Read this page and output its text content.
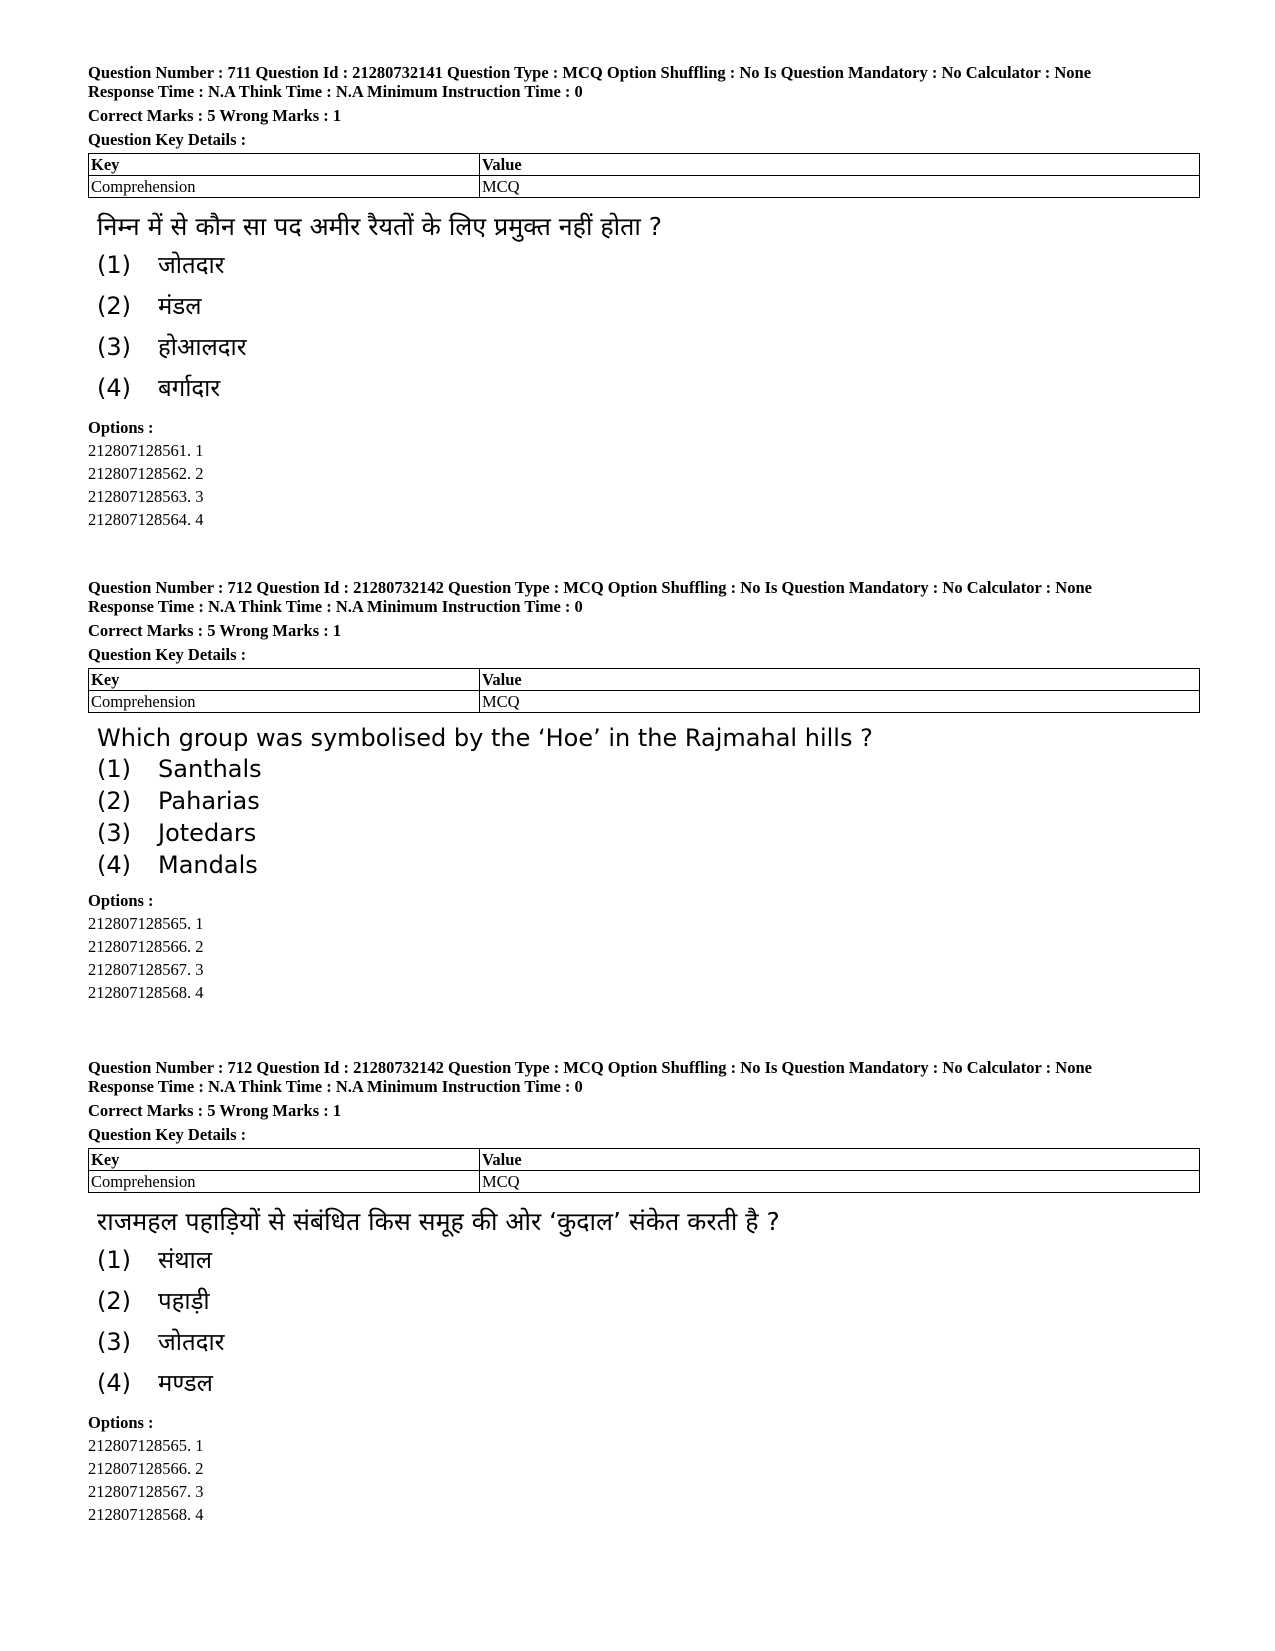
Question Number : 711 Question Id : 21280732141 Question Type : MCQ Option Shuffling : No Is Question Mandatory : No Calculator : None
Response Time : N.A Think Time : N.A Minimum Instruction Time : 0
Correct Marks : 5 Wrong Marks : 1
Question Key Details :
Key	Value
Comprehension	MCQ
निम्न में से कौन सा पद अमीर रैयतों के लिए प्रमुक्त नहीं होता ?
(1)	जोतदार
(2)	मंडल
(3)	होआलदार
(4)	बर्गादार
Options :
212807128561. 1
212807128562. 2
212807128563. 3
212807128564. 4
Question Number : 712 Question Id : 21280732142 Question Type : MCQ Option Shuffling : No Is Question Mandatory : No Calculator : None
Response Time : N.A Think Time : N.A Minimum Instruction Time : 0
Correct Marks : 5 Wrong Marks : 1
Question Key Details :
Key	Value
Comprehension	MCQ
Which group was symbolised by the ‘Hoe’ in the Rajmahal hills ?
(1)	Santhals
(2)	Paharias
(3)	Jotedars
(4)	Mandals
Options :
212807128565. 1
212807128566. 2
212807128567. 3
212807128568. 4
Question Number : 712 Question Id : 21280732142 Question Type : MCQ Option Shuffling : No Is Question Mandatory : No Calculator : None
Response Time : N.A Think Time : N.A Minimum Instruction Time : 0
Correct Marks : 5 Wrong Marks : 1
Question Key Details :
Key	Value
Comprehension	MCQ
राजमहल पहाड़ियों से संबंधित किस समूह की ओर ‘कुदाल’ संकेत करती है ?
(1)	संथाल
(2)	पहाड़ी
(3)	जोतदार
(4)	मण्डल
Options :
212807128565. 1
212807128566. 2
212807128567. 3
212807128568. 4
